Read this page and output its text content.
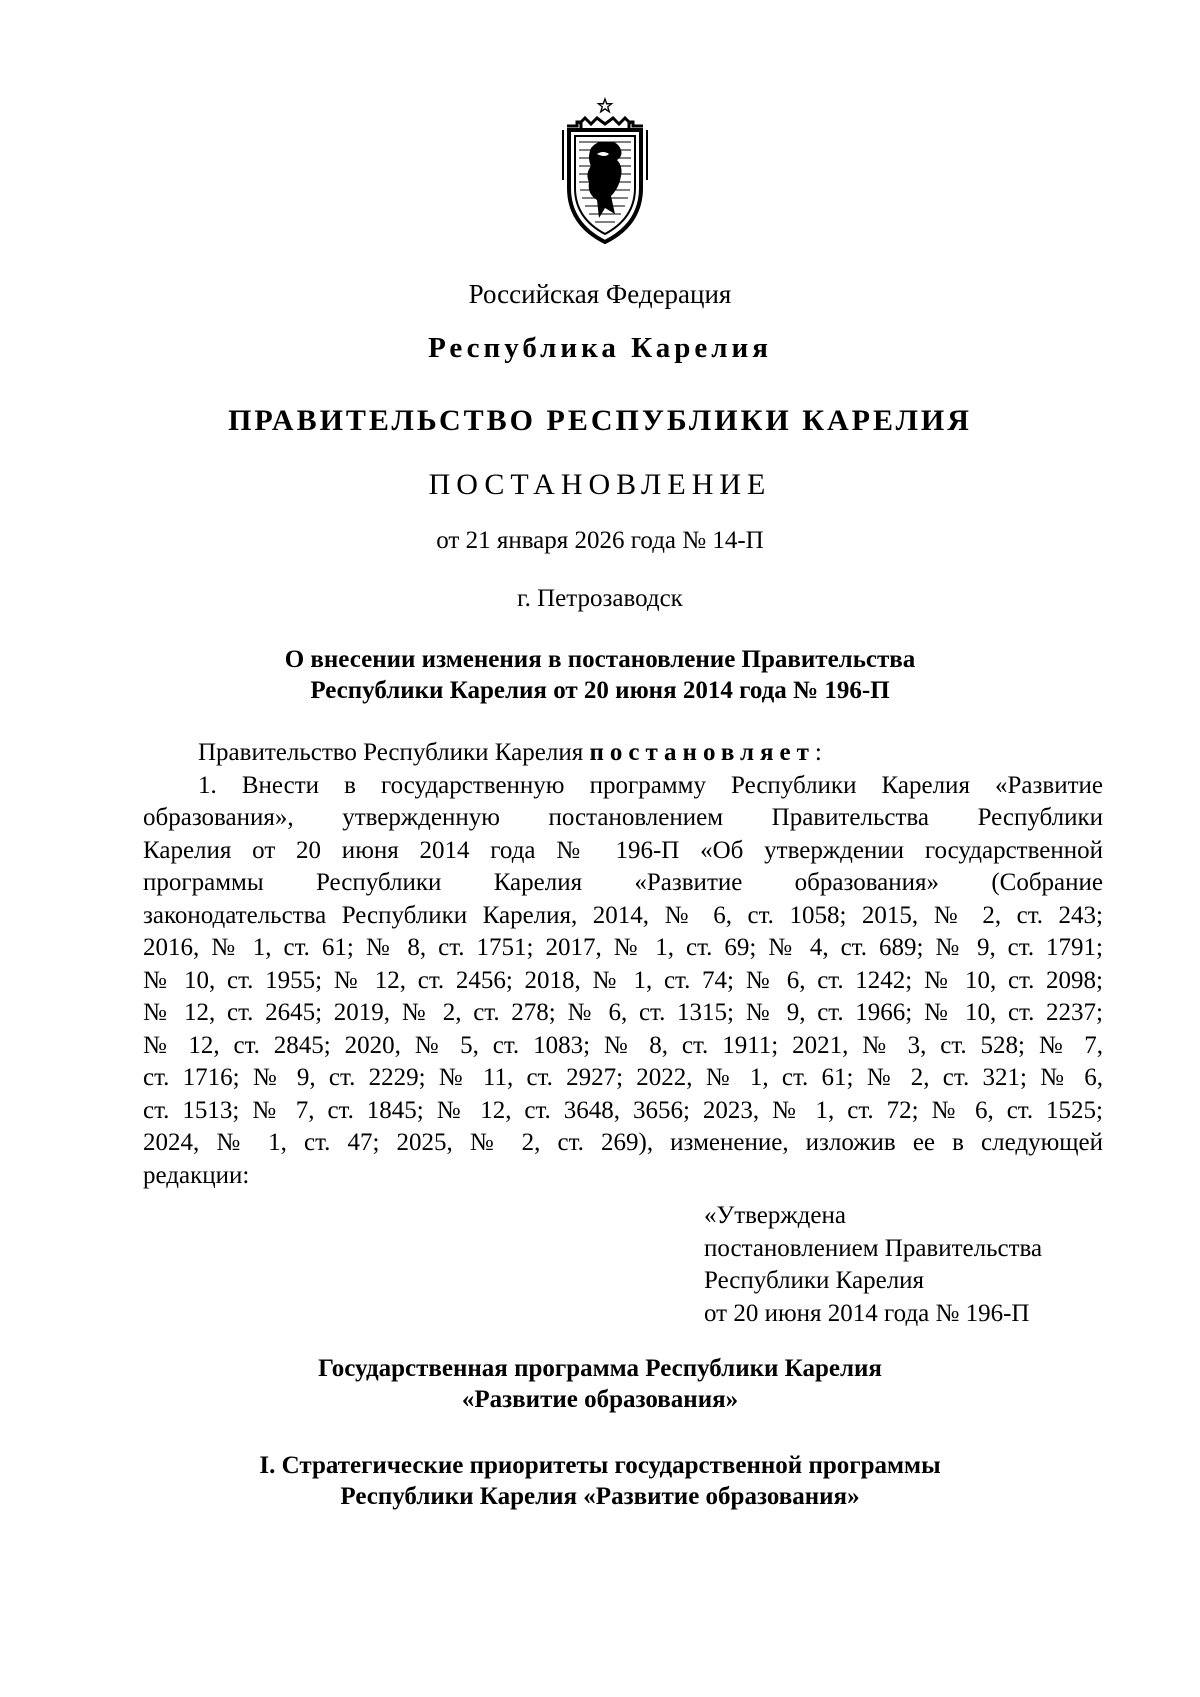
Российская Федерация
Республика Карелия
ПРАВИТЕЛЬСТВО РЕСПУБЛИКИ КАРЕЛИЯ
ПОСТАНОВЛЕНИЕ
от 21 января 2026 года № 14-П
г. Петрозаводск
О внесении изменения в постановление Правительства
Республики Карелия от 20 июня 2014 года № 196-П
Правительство Республики Карелия постановляет:
1. Внести в государственную программу Республики Карелия «Развитие
образования», утвержденную постановлением Правительства Республики
Карелия от 20 июня 2014 года № 196-П «Об утверждении государственной
программы Республики Карелия «Развитие образования» (Собрание
законодательства Республики Карелия, 2014, № 6, ст. 1058; 2015, № 2, ст. 243;
2016, № 1, ст. 61; № 8, ст. 1751; 2017, № 1, ст. 69; № 4, ст. 689; № 9, ст. 1791;
№ 10, ст. 1955; № 12, ст. 2456; 2018, № 1, ст. 74; № 6, ст. 1242; № 10, ст. 2098;
№ 12, ст. 2645; 2019, № 2, ст. 278; № 6, ст. 1315; № 9, ст. 1966; № 10, ст. 2237;
№ 12, ст. 2845; 2020, № 5, ст. 1083; № 8, ст. 1911; 2021, № 3, ст. 528; № 7,
ст. 1716; № 9, ст. 2229; № 11, ст. 2927; 2022, № 1, ст. 61; № 2, ст. 321; № 6,
ст. 1513; № 7, ст. 1845; № 12, ст. 3648, 3656; 2023, № 1, ст. 72; № 6, ст. 1525;
2024, № 1, ст. 47; 2025, № 2, ст. 269), изменение, изложив ее в следующей
редакции:
«Утверждена
постановлением Правительства
Республики Карелия
от 20 июня 2014 года № 196-П
Государственная программа Республики Карелия
«Развитие образования»
I. Стратегические приоритеты государственной программы
Республики Карелия «Развитие образования»
